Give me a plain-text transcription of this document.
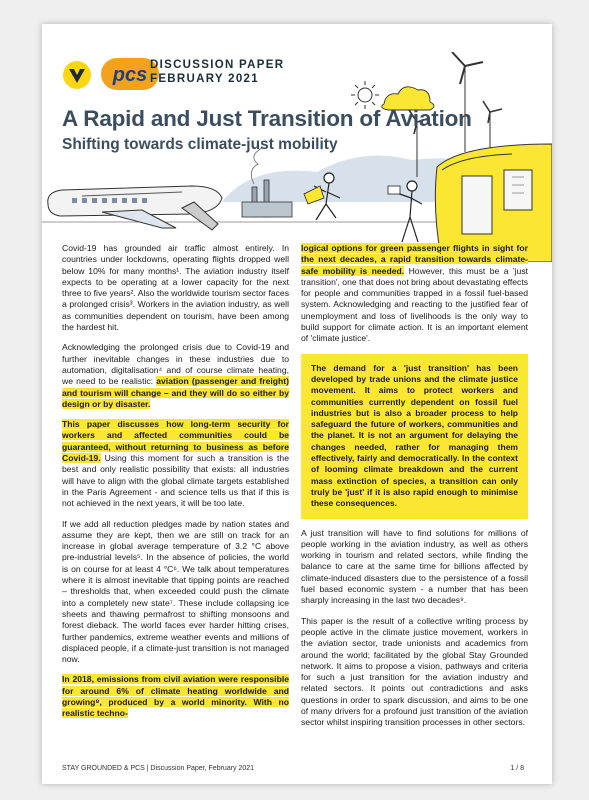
pcs DISCUSSION PAPER
FEBRUARY 2021
A Rapid and Just Transition of Aviation
Shifting towards climate-just mobility

Covid-19 has grounded air traffic almost entirely. In countries under lockdowns, operating flights dropped well below 10% for many months¹. The aviation industry itself expects to be operating at a lower capacity for the next three to five years². Also the worldwide tourism sector faces a prolonged crisis³. Workers in the aviation industry, as well as communities dependent on tourism, have been among the hardest hit.

Acknowledging the prolonged crisis due to Covid-19 and further inevitable changes in these industries due to automation, digitalisation⁴ and of course climate heating, we need to be realistic: aviation (passenger and freight) and tourism will change – and they will do so either by design or by disaster.

This paper discusses how long-term security for workers and affected communities could be guaranteed, without returning to business as before Covid-19. Using this moment for such a transition is the best and only realistic possibility that exists: all industries will have to align with the global climate targets established in the Paris Agreement - and science tells us that if this is not achieved in the next years, it will be too late.

If we add all reduction pledges made by nation states and assume they are kept, then we are still on track for an increase in global average temperature of 3.2 °C above pre-industrial levels⁵. In the absence of policies, the world is on course for at least 4 °C⁶. We talk about temperatures where it is almost inevitable that tipping points are reached – thresholds that, when exceeded could push the climate into a completely new state⁷. These include collapsing ice sheets and thawing permafrost to shifting monsoons and forest dieback. The world faces ever harder hitting crises, further pandemics, extreme weather events and millions of displaced people, if a climate-just transition is not managed now.

In 2018, emissions from civil aviation were responsible for around 6% of climate heating worldwide and growing⁸, produced by a world minority. With no realistic techno-

logical options for green passenger flights in sight for the next decades, a rapid transition towards climate-safe mobility is needed. However, this must be a 'just transition', one that does not bring about devastating effects for people and communities trapped in a fossil fuel-based system. Acknowledging and reacting to the justified fear of unemployment and loss of livelihoods is the only way to build support for climate action. It is an important element of 'climate justice'.

The demand for a 'just transition' has been developed by trade unions and the climate justice movement. It aims to protect workers and communities currently dependent on fossil fuel industries but is also a broader process to help safeguard the future of workers, communities and the planet. It is not an argument for delaying the changes needed, rather for managing them effectively, fairly and democratically. In the context of looming climate breakdown and the current mass extinction of species, a transition can only truly be 'just' if it is also rapid enough to minimise these consequences.

A just transition will have to find solutions for millions of people working in the aviation industry, as well as others working in tourism and related sectors, while finding the balance to care at the same time for billions affected by climate-induced disasters due to the persistence of a fossil fuel based economic system - a number that has been sharply increasing in the last two decades⁹.

This paper is the result of a collective writing process by people active in the climate justice movement, workers in the aviation sector, trade unionists and academics from around the world; facilitated by the global Stay Grounded network. It aims to propose a vision, pathways and criteria for such a just transition for the aviation industry and related sectors. It points out contradictions and asks questions in order to spark discussion, and aims to be one of many drivers for a profound just transition of the aviation sector whilst inspiring transition processes in other sectors.

STAY GROUNDED & PCS | Discussion Paper, February 2021	1 / 8
